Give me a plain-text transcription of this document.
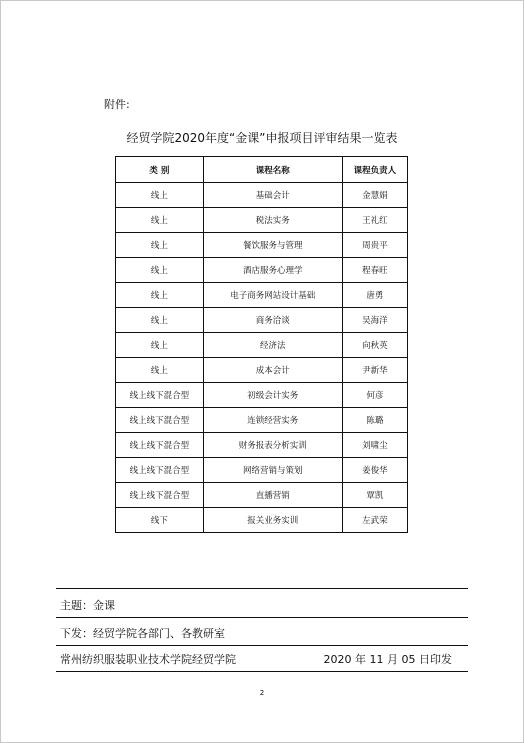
附件:
经贸学院2020年度“金课”申报项目评审结果一览表
类 别	课程名称	课程负责人
线上	基础会计	金慧娟
线上	税法实务	王礼红
线上	餐饮服务与管理	周贵平
线上	酒店服务心理学	程春旺
线上	电子商务网站设计基础	唐勇
线上	商务洽谈	吴海洋
线上	经济法	向秋英
线上	成本会计	尹新华
线上线下混合型	初级会计实务	何彦
线上线下混合型	连锁经营实务	陈璐
线上线下混合型	财务报表分析实训	刘啸尘
线上线下混合型	网络营销与策划	姜俊华
线上线下混合型	直播营销	覃凯
线下	报关业务实训	左武荣
主题：金课
下发：经贸学院各部门、各教研室
常州纺织服装职业技术学院经贸学院	2020 年 11 月 05 日印发
2
